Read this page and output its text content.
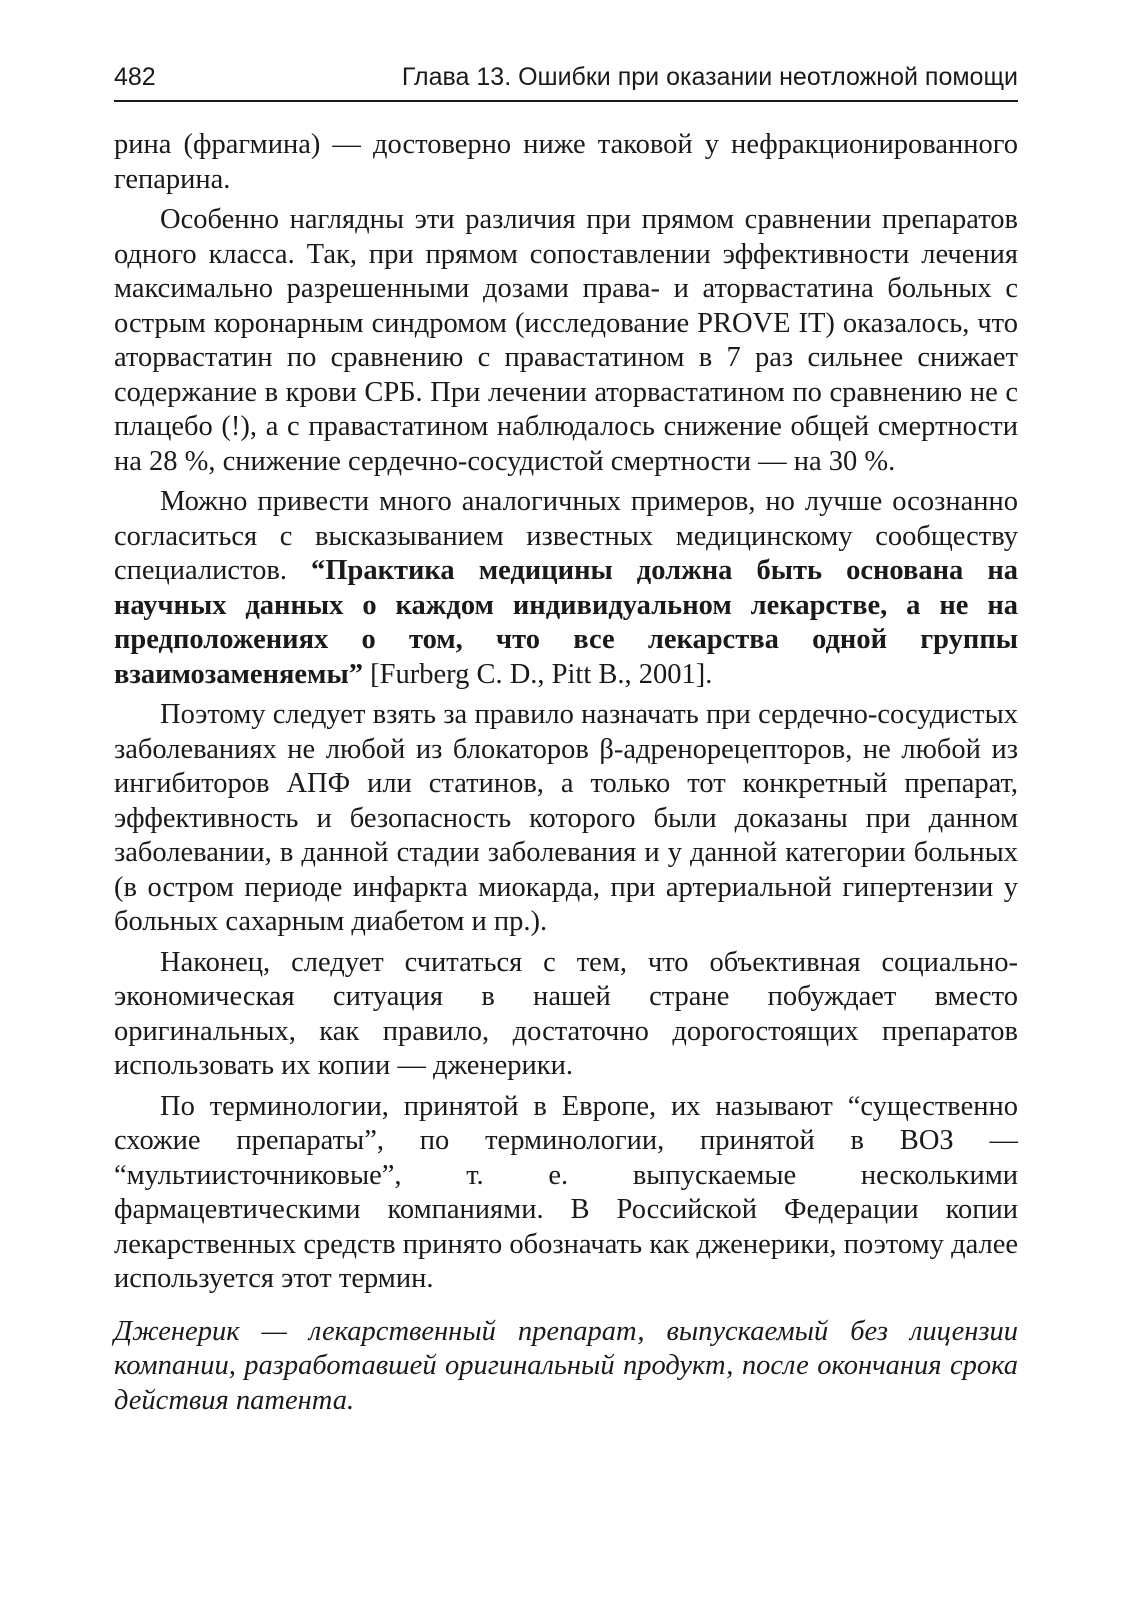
482	Глава 13. Ошибки при оказании неотложной помощи

рина (фрагмина) — достоверно ниже таковой у нефракционированного гепарина.

Особенно наглядны эти различия при прямом сравнении препаратов одного класса. Так, при прямом сопоставлении эффективности лечения максимально разрешенными дозами права- и аторвастатина больных с острым коронарным синдромом (исследование PROVE IT) оказалось, что аторвастатин по сравнению с правастатином в 7 раз сильнее снижает содержание в крови СРБ. При лечении аторвастатином по сравнению не с плацебо (!), а с правастатином наблюдалось снижение общей смертности на 28 %, снижение сердечно-сосудистой смертности — на 30 %.

Можно привести много аналогичных примеров, но лучше осознанно согласиться с высказыванием известных медицинскому сообществу специалистов. “Практика медицины должна быть основана на научных данных о каждом индивидуальном лекарстве, а не на предположениях о том, что все лекарства одной группы взаимозаменяемы” [Furberg C. D., Pitt B., 2001].

Поэтому следует взять за правило назначать при сердечно-сосудистых заболеваниях не любой из блокаторов β-адренорецепторов, не любой из ингибиторов АПФ или статинов, а только тот конкретный препарат, эффективность и безопасность которого были доказаны при данном заболевании, в данной стадии заболевания и у данной категории больных (в остром периоде инфаркта миокарда, при артериальной гипертензии у больных сахарным диабетом и пр.).

Наконец, следует считаться с тем, что объективная социально-экономическая ситуация в нашей стране побуждает вместо оригинальных, как правило, достаточно дорогостоящих препаратов использовать их копии — дженерики.

По терминологии, принятой в Европе, их называют “существенно схожие препараты”, по терминологии, принятой в ВОЗ — “мультиисточниковые”, т. е. выпускаемые несколькими фармацевтическими компаниями. В Российской Федерации копии лекарственных средств принято обозначать как дженерики, поэтому далее используется этот термин.

Дженерик — лекарственный препарат, выпускаемый без лицензии компании, разработавшей оригинальный продукт, после окончания срока действия патента.
